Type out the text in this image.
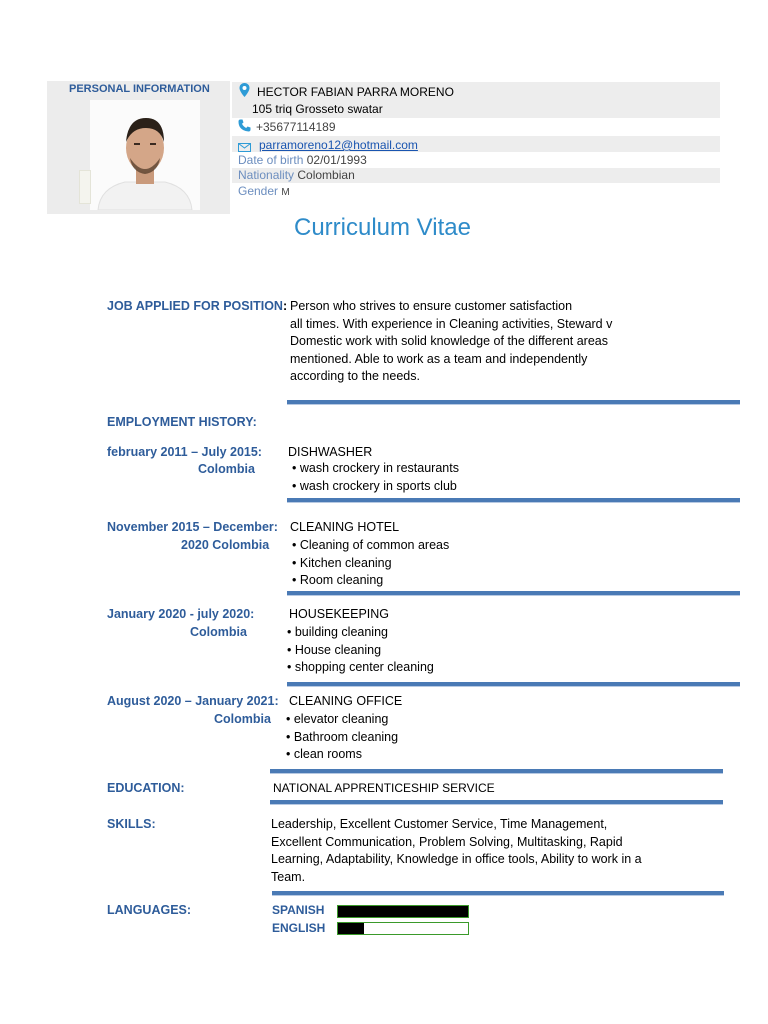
PERSONAL INFORMATION	HECTOR FABIAN PARRA MORENO
105 triq Grosseto swatar
+35677114189
parramoreno12@hotmail.com
Date of birth 02/01/1993
Nationality Colombian
Gender M
Curriculum Vitae
JOB APPLIED FOR POSITION: Person who strives to ensure customer satisfaction
all times. With experience in Cleaning activities, Steward v
Domestic work with solid knowledge of the different areas
mentioned. Able to work as a team and independently
according to the needs.
EMPLOYMENT HISTORY:
february 2011 – July 2015:
Colombia
DISHWASHER
• wash crockery in restaurants
• wash crockery in sports club
November 2015 – December:
2020 Colombia
CLEANING HOTEL
• Cleaning of common areas
• Kitchen cleaning
• Room cleaning
January 2020 - july 2020:
Colombia
HOUSEKEEPING
• building cleaning
• House cleaning
• shopping center cleaning
August 2020 – January 2021:
Colombia
CLEANING OFFICE
• elevator cleaning
• Bathroom cleaning
• clean rooms
EDUCATION:	NATIONAL APPRENTICESHIP SERVICE
SKILLS:	Leadership, Excellent Customer Service, Time Management,
Excellent Communication, Problem Solving, Multitasking, Rapid
Learning, Adaptability, Knowledge in office tools, Ability to work in a
Team.
LANGUAGES:	SPANISH
ENGLISH
